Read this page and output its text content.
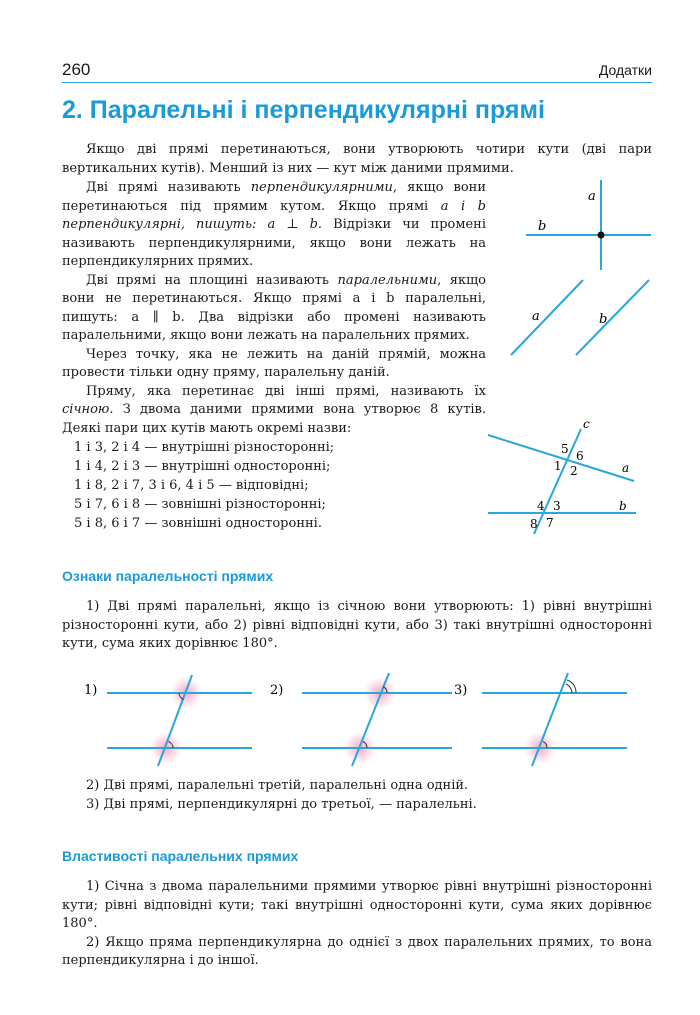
260	Додатки
2. Паралельні і перпендикулярні прямі

Якщо дві прямі перетинаються, вони утворюють чотири кути (дві пари вертикальних кутів). Менший із них — кут між даними прямими.

Дві прямі називають перпендикулярними, якщо вони перетинаються під прямим кутом. Якщо прямі a і b перпендикулярні, пишуть: a ⊥ b. Відрізки чи промені називають перпендикулярними, якщо вони лежать на перпендикулярних прямих.

Дві прямі на площині називають паралельними, якщо вони не перетинаються. Якщо прямі a і b паралельні, пишуть: a ∥ b. Два відрізки або промені називають паралельними, якщо вони лежать на паралельних прямих.

Через точку, яка не лежить на даній прямій, можна провести тільки одну пряму, паралельну даній.

Пряму, яка перетинає дві інші прямі, називають їх січною. З двома даними прямими вона утворює 8 кутів. Деякі пари цих кутів мають окремі назви:

1 і 3, 2 і 4 — внутрішні різносторонні;
1 і 4, 2 і 3 — внутрішні односторонні;
1 і 8, 2 і 7, 3 і 6, 4 і 5 — відповідні;
5 і 7, 6 і 8 — зовнішні різносторонні;
5 і 8, 6 і 7 — зовнішні односторонні.
a
b
a	b
c
a
b
5 6
1 2
4 3
8 7
Ознаки паралельності прямих

1) Дві прямі паралельні, якщо із січною вони утворюють: 1) рівні внутрішні різносторонні кути, або 2) рівні відповідні кути, або 3) такі внутрішні односторонні кути, сума яких дорівнює 180°.

1)	2)	3)

2) Дві прямі, паралельні третій, паралельні одна одній.

3) Дві прямі, перпендикулярні до третьої, — паралельні.

Властивості паралельних прямих

1) Січна з двома паралельними прямими утворює рівні внутрішні різносторонні кути; рівні відповідні кути; такі внутрішні односторонні кути, сума яких дорівнює 180°.

2) Якщо пряма перпендикулярна до однієї з двох паралельних прямих, то вона перпендикулярна і до іншої.
